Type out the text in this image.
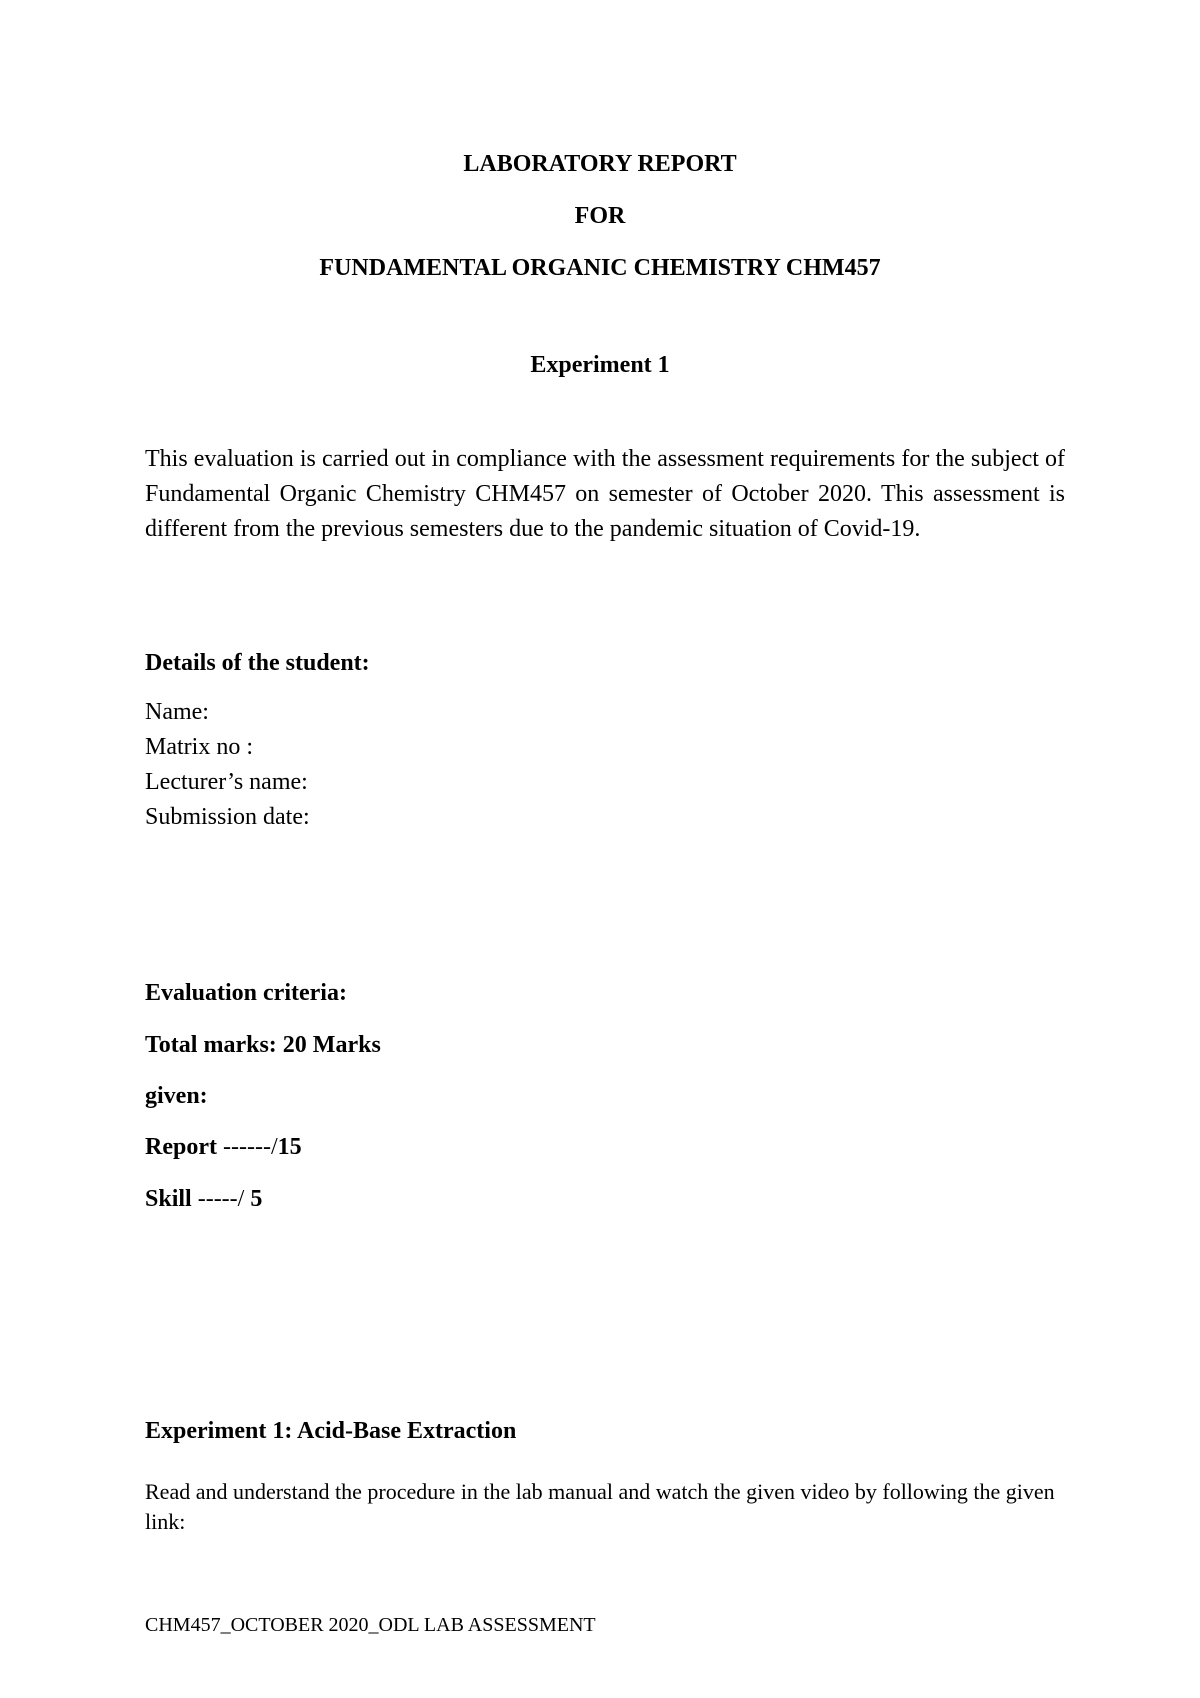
LABORATORY REPORT
FOR
FUNDAMENTAL ORGANIC CHEMISTRY CHM457
Experiment 1
This evaluation is carried out in compliance with the assessment requirements for the subject of Fundamental Organic Chemistry CHM457 on semester of October 2020. This assessment is different from the previous semesters due to the pandemic situation of Covid-19.
Details of the student:
Name:
Matrix no :
Lecturer’s name:
Submission date:
Evaluation criteria:
Total marks: 20 Marks
given:
Report ------/15
Skill -----/ 5
Experiment 1: Acid-Base Extraction
Read and understand the procedure in the lab manual and watch the given video by following the given link:
CHM457_OCTOBER 2020_ODL LAB ASSESSMENT
